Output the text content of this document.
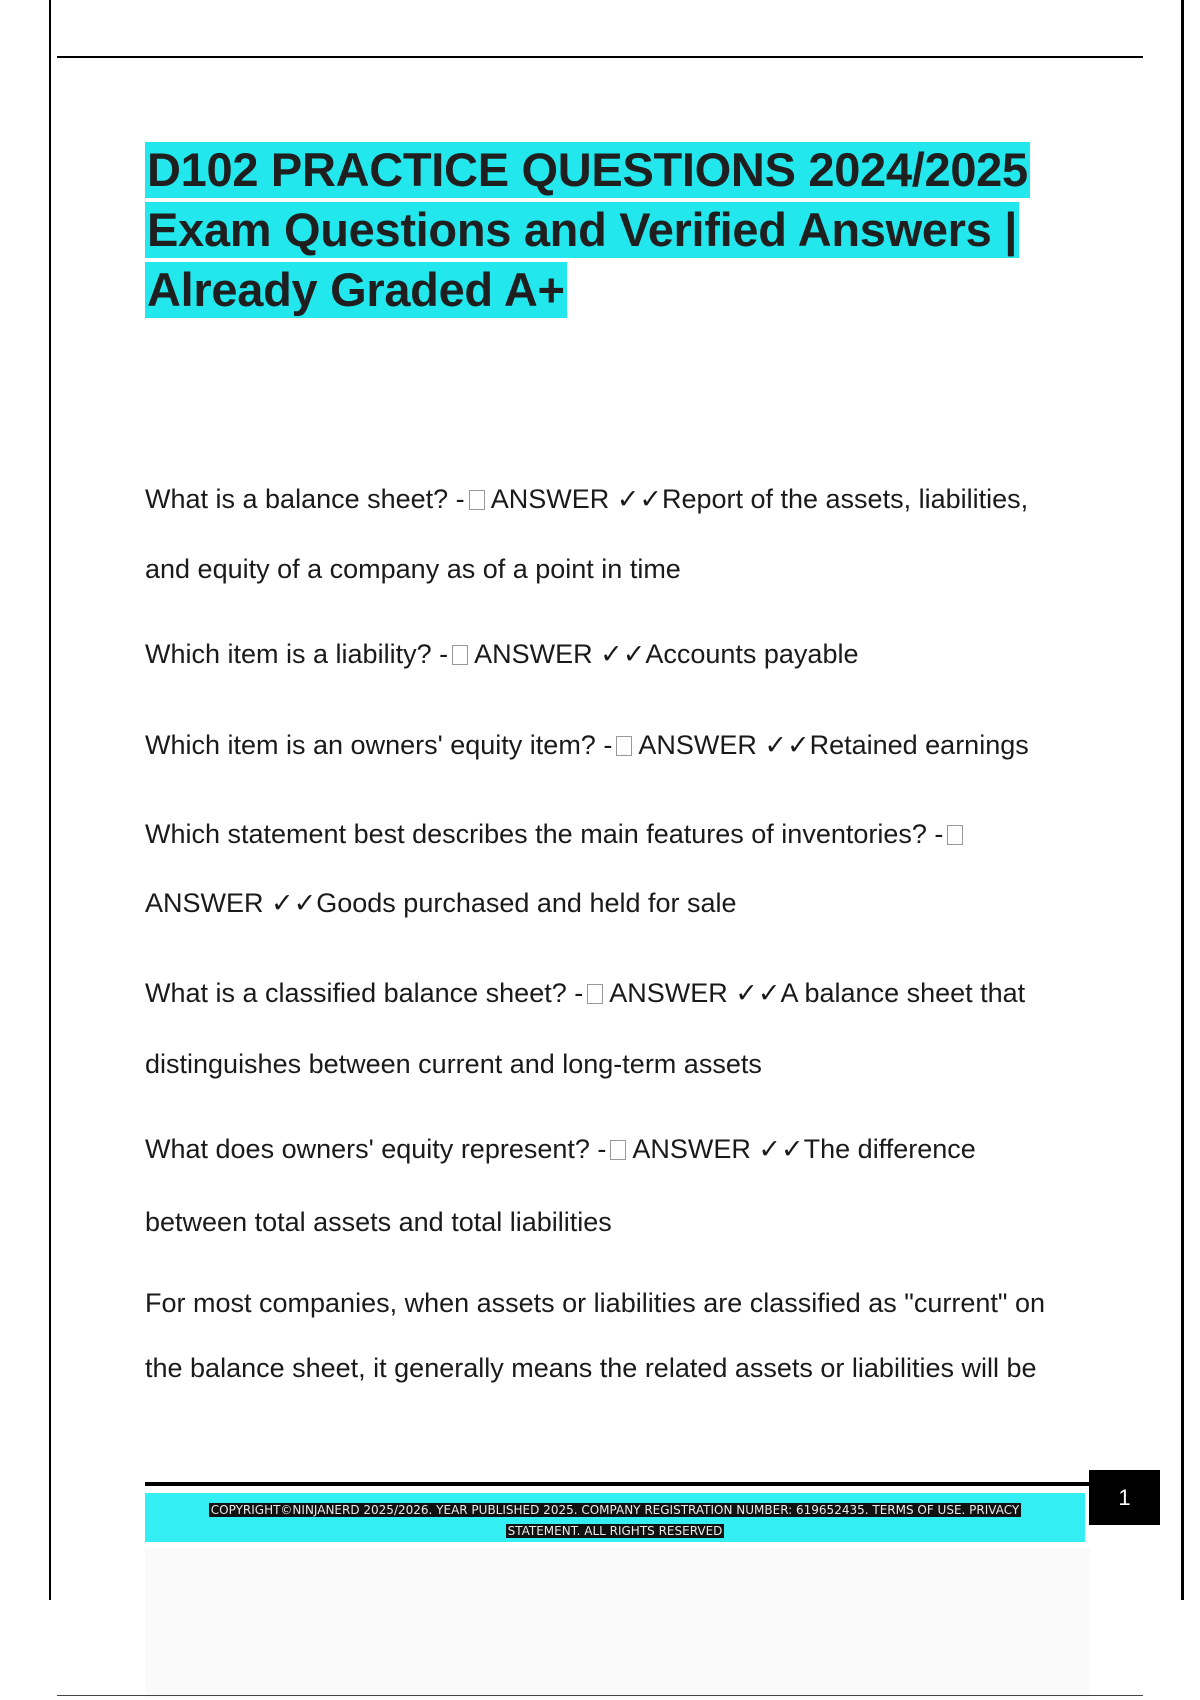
D102 PRACTICE QUESTIONS 2024/2025
Exam Questions and Verified Answers |
Already Graded A+
What is a balance sheet? - ANSWER ✓✓Report of the assets, liabilities,
and equity of a company as of a point in time
Which item is a liability? - ANSWER ✓✓Accounts payable
Which item is an owners' equity item? - ANSWER ✓✓Retained earnings
Which statement best describes the main features of inventories? -
ANSWER ✓✓Goods purchased and held for sale
What is a classified balance sheet? - ANSWER ✓✓A balance sheet that
distinguishes between current and long-term assets
What does owners' equity represent? - ANSWER ✓✓The difference
between total assets and total liabilities
For most companies, when assets or liabilities are classified as "current" on
the balance sheet, it generally means the related assets or liabilities will be
COPYRIGHT©NINJANERD 2025/2026. YEAR PUBLISHED 2025. COMPANY REGISTRATION NUMBER: 619652435. TERMS OF USE. PRIVACY
STATEMENT. ALL RIGHTS RESERVED
1
